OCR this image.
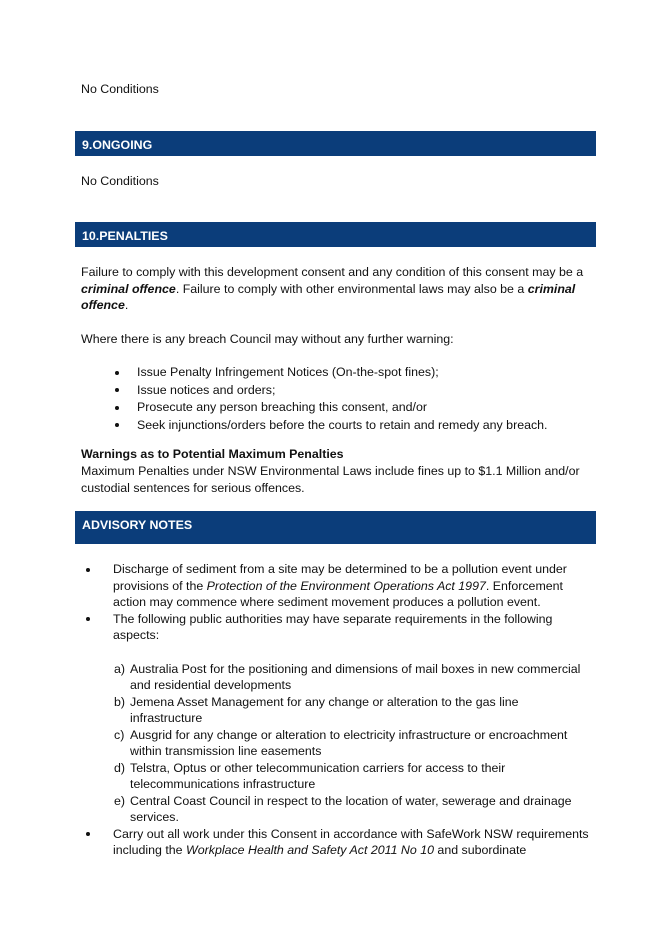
No Conditions
9.ONGOING
No Conditions
10.PENALTIES
Failure to comply with this development consent and any condition of this consent may be a criminal offence. Failure to comply with other environmental laws may also be a criminal offence.
Where there is any breach Council may without any further warning:
Issue Penalty Infringement Notices (On-the-spot fines);
Issue notices and orders;
Prosecute any person breaching this consent, and/or
Seek injunctions/orders before the courts to retain and remedy any breach.
Warnings as to Potential Maximum Penalties
Maximum Penalties under NSW Environmental Laws include fines up to $1.1 Million and/or custodial sentences for serious offences.
ADVISORY NOTES
Discharge of sediment from a site may be determined to be a pollution event under provisions of the Protection of the Environment Operations Act 1997. Enforcement action may commence where sediment movement produces a pollution event.
The following public authorities may have separate requirements in the following aspects:
a) Australia Post for the positioning and dimensions of mail boxes in new commercial and residential developments
b) Jemena Asset Management for any change or alteration to the gas line infrastructure
c) Ausgrid for any change or alteration to electricity infrastructure or encroachment within transmission line easements
d) Telstra, Optus or other telecommunication carriers for access to their telecommunications infrastructure
e) Central Coast Council in respect to the location of water, sewerage and drainage services.
Carry out all work under this Consent in accordance with SafeWork NSW requirements including the Workplace Health and Safety Act 2011 No 10 and subordinate
